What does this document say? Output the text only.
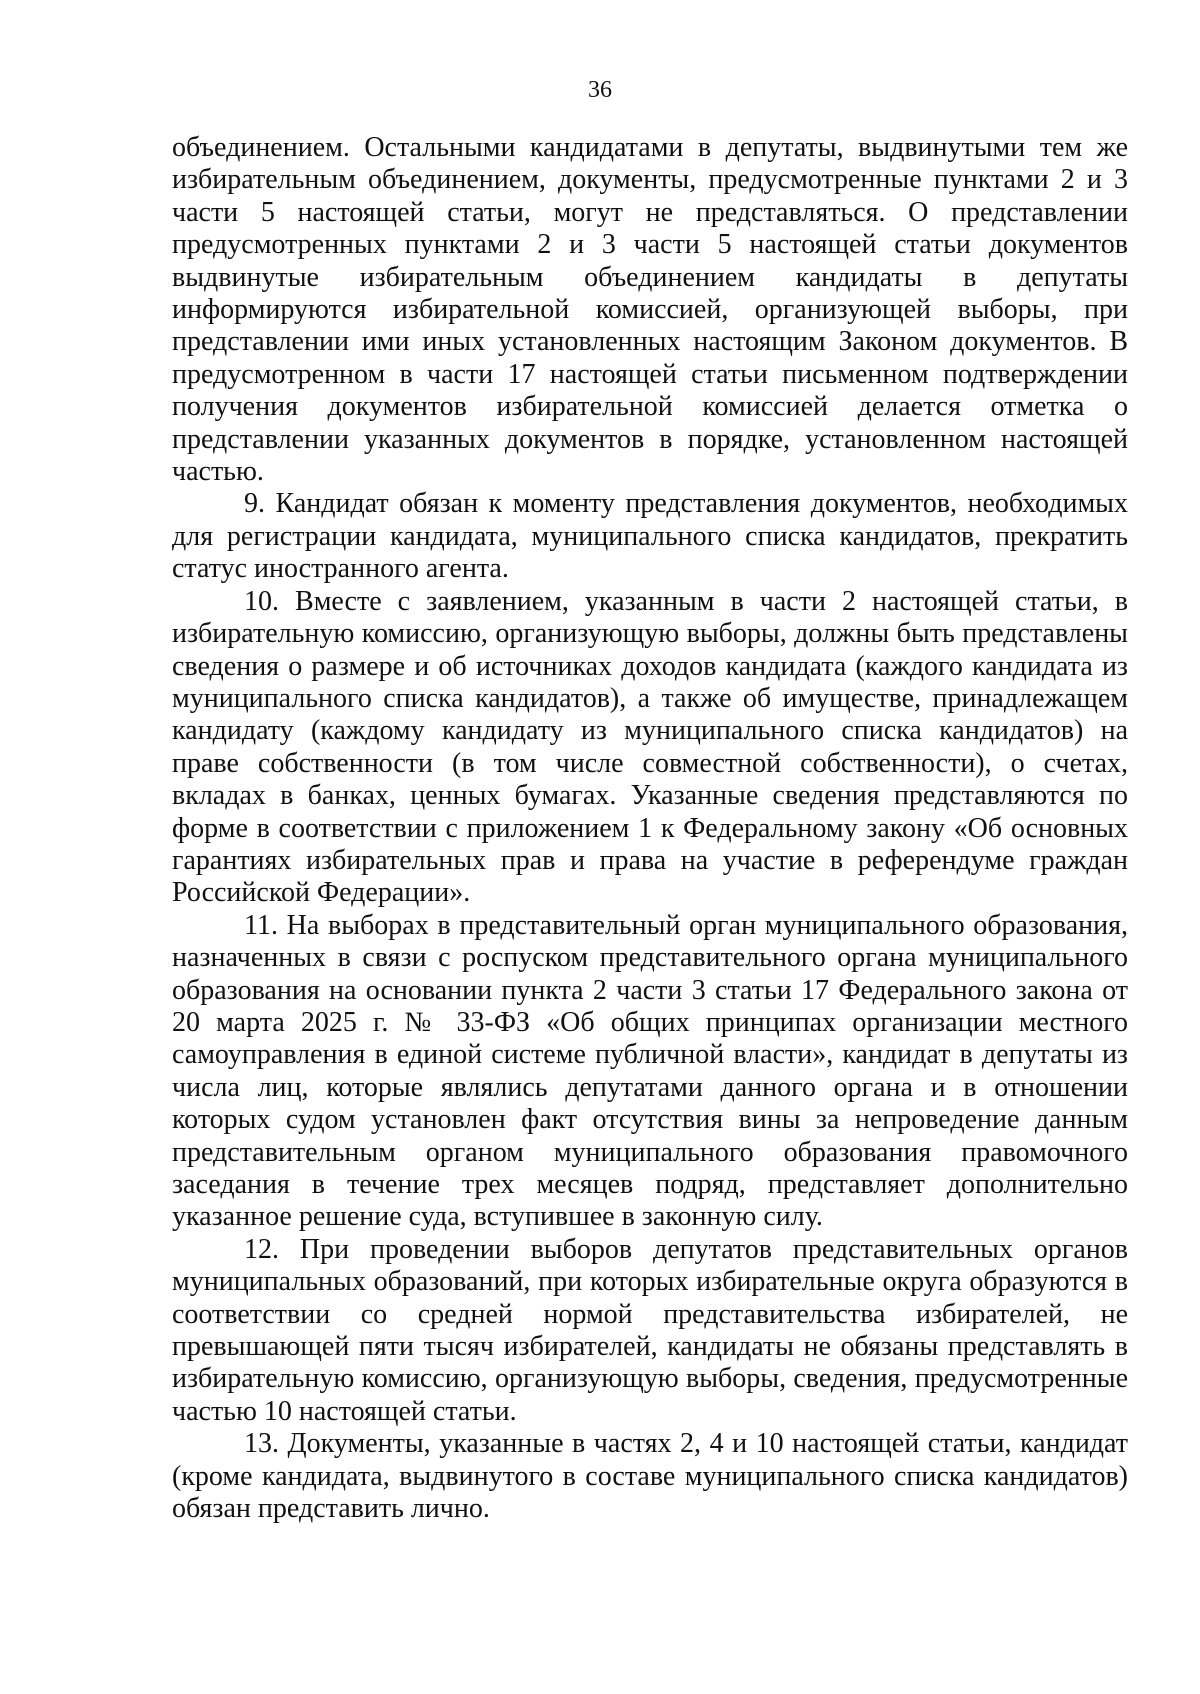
36

объединением. Остальными кандидатами в депутаты, выдвинутыми тем же избирательным объединением, документы, предусмотренные пунктами 2 и 3 части 5 настоящей статьи, могут не представляться. О представлении предусмотренных пунктами 2 и 3 части 5 настоящей статьи документов выдвинутые избирательным объединением кандидаты в депутаты информируются избирательной комиссией, организующей выборы, при представлении ими иных установленных настоящим Законом документов. В предусмотренном в части 17 настоящей статьи письменном подтверждении получения документов избирательной комиссией делается отметка о представлении указанных документов в порядке, установленном настоящей частью.

9. Кандидат обязан к моменту представления документов, необходимых для регистрации кандидата, муниципального списка кандидатов, прекратить статус иностранного агента.

10. Вместе с заявлением, указанным в части 2 настоящей статьи, в избирательную комиссию, организующую выборы, должны быть представлены сведения о размере и об источниках доходов кандидата (каждого кандидата из муниципального списка кандидатов), а также об имуществе, принадлежащем кандидату (каждому кандидату из муниципального списка кандидатов) на праве собственности (в том числе совместной собственности), о счетах, вкладах в банках, ценных бумагах. Указанные сведения представляются по форме в соответствии с приложением 1 к Федеральному закону «Об основных гарантиях избирательных прав и права на участие в референдуме граждан Российской Федерации».

11. На выборах в представительный орган муниципального образования, назначенных в связи с роспуском представительного органа муниципального образования на основании пункта 2 части 3 статьи 17 Федерального закона от 20 марта 2025 г. № 33-ФЗ «Об общих принципах организации местного самоуправления в единой системе публичной власти», кандидат в депутаты из числа лиц, которые являлись депутатами данного органа и в отношении которых судом установлен факт отсутствия вины за непроведение данным представительным органом муниципального образования правомочного заседания в течение трех месяцев подряд, представляет дополнительно указанное решение суда, вступившее в законную силу.

12. При проведении выборов депутатов представительных органов муниципальных образований, при которых избирательные округа образуются в соответствии со средней нормой представительства избирателей, не превышающей пяти тысяч избирателей, кандидаты не обязаны представлять в избирательную комиссию, организующую выборы, сведения, предусмотренные частью 10 настоящей статьи.

13. Документы, указанные в частях 2, 4 и 10 настоящей статьи, кандидат (кроме кандидата, выдвинутого в составе муниципального списка кандидатов) обязан представить лично.
